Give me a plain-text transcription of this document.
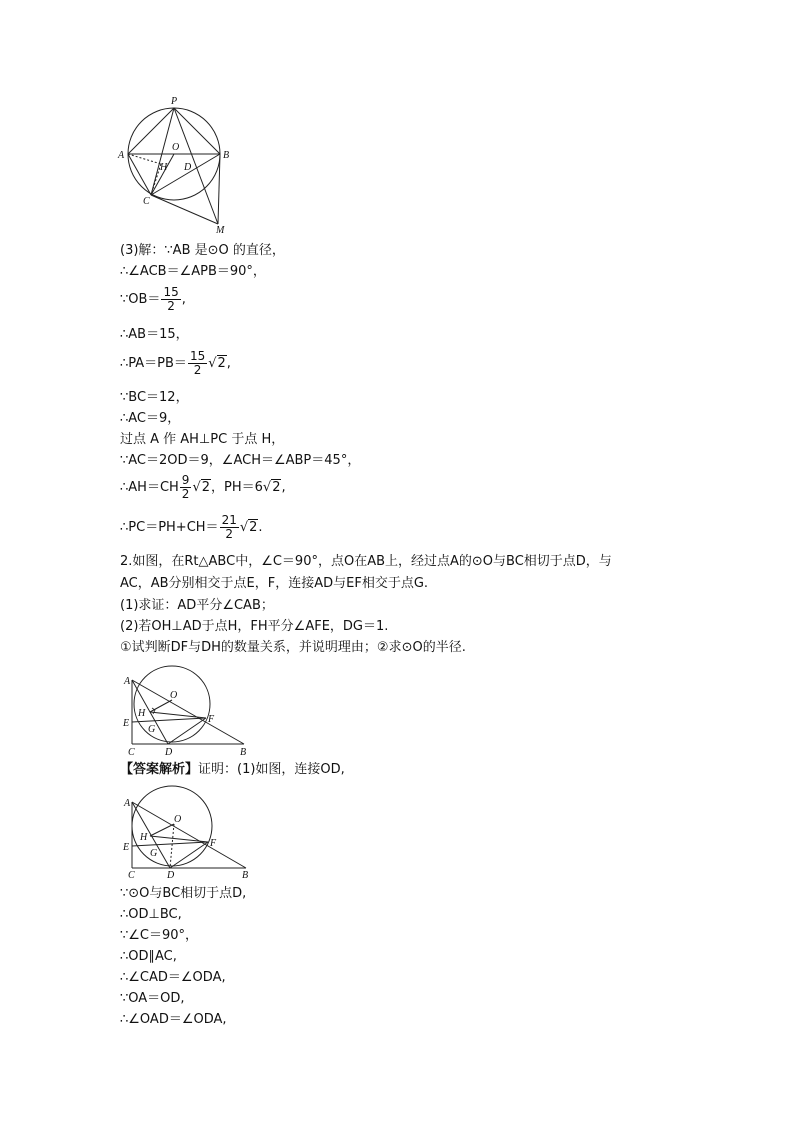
P
A
O
B
H D
C
M
(3)解：∵AB 是⊙O 的直径，
∴∠ACB＝∠APB＝90°，
∵OB＝ $\frac{15}{2}$ ,
∴AB＝15，
∴PA＝PB＝ $\frac{15}{2} √2$,
∵BC＝12，
∴AC＝9，
过点 A 作 AH⊥PC 于点 H，
∵AC＝2OD＝9，∠ACH＝∠ABP＝45°，
∴AH＝CH $\frac{9}{2} √2$，PH＝6√2,
∴PC＝PH+CH＝ $\frac{21}{2} √2$.
2.如图，在Rt△ABC中，∠C＝90°，点O在AB上，经过点A的⊙O与BC相切于点D，与
AC，AB分别相交于点E，F，连接AD与EF相交于点G.
(1)求证：AD平分∠CAB；
(2)若OH⊥AD于点H，FH平分∠AFE，DG＝1.
①试判断DF与DH的数量关系，并说明理由；②求⊙O的半径.
A
O
H
E	F
G
C	D	B
【答案解析】证明：(1)如图，连接OD,
A
O
H
E	F
G
C	D	B
∵⊙O与BC相切于点D,
∴OD⊥BC,
∵∠C＝90°，
∴OD∥AC,
∴∠CAD＝∠ODA,
∵OA＝OD,
∴∠OAD＝∠ODA,
